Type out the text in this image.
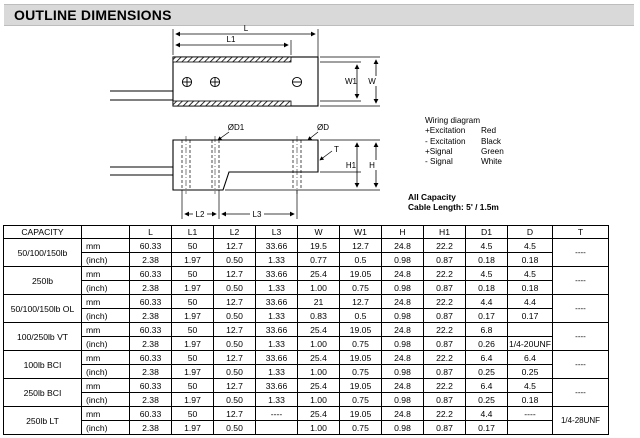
OUTLINE DIMENSIONS
L
L1
W1 W
ØD1	ØD
T
H1 H
L2	L3
Wiring diagram
+Excitation Red
- Excitation Black
+Signal	Green
- Signal	White
All Capacity
Cable Length: 5' / 1.5m
CAPACITY		L	L1	L2	L3	W	W1	H	H1	D1	D	T
50/100/150lb	mm	60.33	50	12.7	33.66	19.5	12.7	24.8	22.2	4.5	4.5	----
	(inch)	2.38	1.97	0.50	1.33	0.77	0.5	0.98	0.87	0.18	0.18	
250lb	mm	60.33	50	12.7	33.66	25.4	19.05	24.8	22.2	4.5	4.5	----
	(inch)	2.38	1.97	0.50	1.33	1.00	0.75	0.98	0.87	0.18	0.18	
50/100/150lb OL	mm	60.33	50	12.7	33.66	21	12.7	24.8	22.2	4.4	4.4	----
	(inch)	2.38	1.97	0.50	1.33	0.83	0.5	0.98	0.87	0.17	0.17	
100/250lb VT	mm	60.33	50	12.7	33.66	25.4	19.05	24.8	22.2	6.8		----
	(inch)	2.38	1.97	0.50	1.33	1.00	0.75	0.98	0.87	0.26	1/4-20UNF	
100lb BCI	mm	60.33	50	12.7	33.66	25.4	19.05	24.8	22.2	6.4	6.4	----
	(inch)	2.38	1.97	0.50	1.33	1.00	0.75	0.98	0.87	0.25	0.25	
250lb BCI	mm	60.33	50	12.7	33.66	25.4	19.05	24.8	22.2	6.4	4.5	----
	(inch)	2.38	1.97	0.50	1.33	1.00	0.75	0.98	0.87	0.25	0.18	
250lb LT	mm	60.33	50	12.7	----	25.4	19.05	24.8	22.2	4.4	----	1/4-28UNF
	(inch)	2.38	1.97	0.50		1.00	0.75	0.98	0.87	0.17		
